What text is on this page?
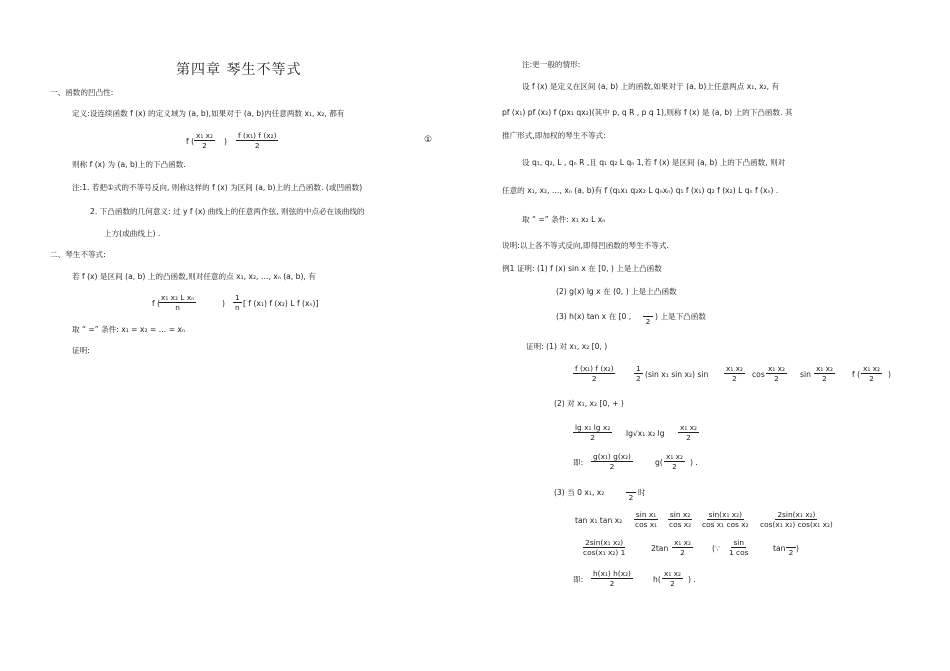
第四章 琴生不等式
一、函数的凹凸性:
定义:设连续函数 f (x) 的定义域为 (a, b),如果对于 (a, b)内任意两数 x₁, x₂, 都有
f ( $\frac{\text{x₁ x₂}}{2}$ ) $\frac{\text{f (x₁) f (x₂)}}{2}$	①
则称 f (x) 为 (a, b)上的下凸函数.
注:1. 若把①式的不等号反向, 则称这样的 f (x) 为区间 (a, b)上的上凸函数. (或凹函数)
2. 下凸函数的几何意义: 过 y f (x) 曲线上的任意两作弦, 则弦的中点必在该曲线的
上方(或曲线上) .
二、琴生不等式:
若 f (x) 是区间 (a, b) 上的凸函数,则对任意的点 x₁, x₂, …, xₙ (a, b), 有
f (
$\frac{\text{x₁ x₂ L xₙ}}{n}$	) $\frac{1}{n}$ [ f (x₁) f (x₂) L f (xₙ)]
取 “ =” 条件: x₁ = x₂ = … = xₙ
证明:
注:更一般的情形:
设 f (x) 是定义在区间 (a, b) 上的函数,如果对于 (a, b)上任意两点 x₁, x₂, 有
pf (x₁) pf (x₂) f (px₁ qx₂)(其中 p, q R , p q 1),则称 f (x) 是 (a, b) 上的下凸函数. 其
推广形式,即加权的琴生不等式:
设 q₁, q₂, L , qₙ R ,且 q₁ q₂ L qₙ 1,若 f (x) 是区间 (a, b) 上的下凸函数, 则对
任意的 x₁, x₂, …, xₙ (a, b)有 f (q₁x₁ q₂x₂ L qₙxₙ) q₁ f (x₁) q₂ f (x₂) L qₙ f (xₙ) .
取 “ =” 条件: x₁ x₂ L xₙ
说明:以上各不等式反向,即得凹函数的琴生不等式.
例1 证明: (1) f (x) sin x 在 [0, ) 上是上凸函数
(2) g(x) lg x 在 (0, ) 上是上凸函数
(3) h(x) tan x 在 [0 ,
2
) 上是下凸函数
证明: (1) 对 x₁, x₂ [0, )
$\frac{\text{f (x₁) f (x₂)}}{2}$	$\frac{1}{2} (\sin$ x₁ sin x₂) $\sin \frac{\text{x₁ x₂}}{2}$ $\cos \frac{\text{x₁ x₂}}{2}$ $\sin \frac{\text{x₁ x₂}}{2}$ f ( $\frac{\text{x₁ x₂}}{2}$ )
(2) 对 x₁, x₂ [0, + )
$\frac{\text{lg x₁ lg x₂}}{2} \lg√x_1$ x₂ $\lg \frac{\text{x₁ x₂}}{2}$
即: $\frac{\text{g(x₁) g(x₂)}}{2}$	$g( \frac{\text{x₁ x₂}}{2}$ ) .
(3) 当 0 x₁, x₂
2
时
tan x₁ $\tan x_2 \frac{\text{sin x₁}}{\text{cos x₁}} \frac{\text{sin x₂}}{\text{cos x₂}} \frac{\text{sin(x₁ x₂)}}{\text{cos x₁ cos x₂}} \frac{\text{2sin(x₁ x₂)}}{\text{cos(x₁ x₂) cos(x₁ x₂)}}$
$\frac{\text{2sin(x₁ x₂)}}{\text{cos(x₁ x₂) 1}}$	$2\tan \frac{\text{x₁ x₂}}{2}$ (∵ $\frac{\sin}{1 \cos}$	tan 2 )
即: $\frac{\text{h(x₁) h(x₂)}}{2}$	$h( \frac{\text{x₁ x₂}}{2}$ ) .
